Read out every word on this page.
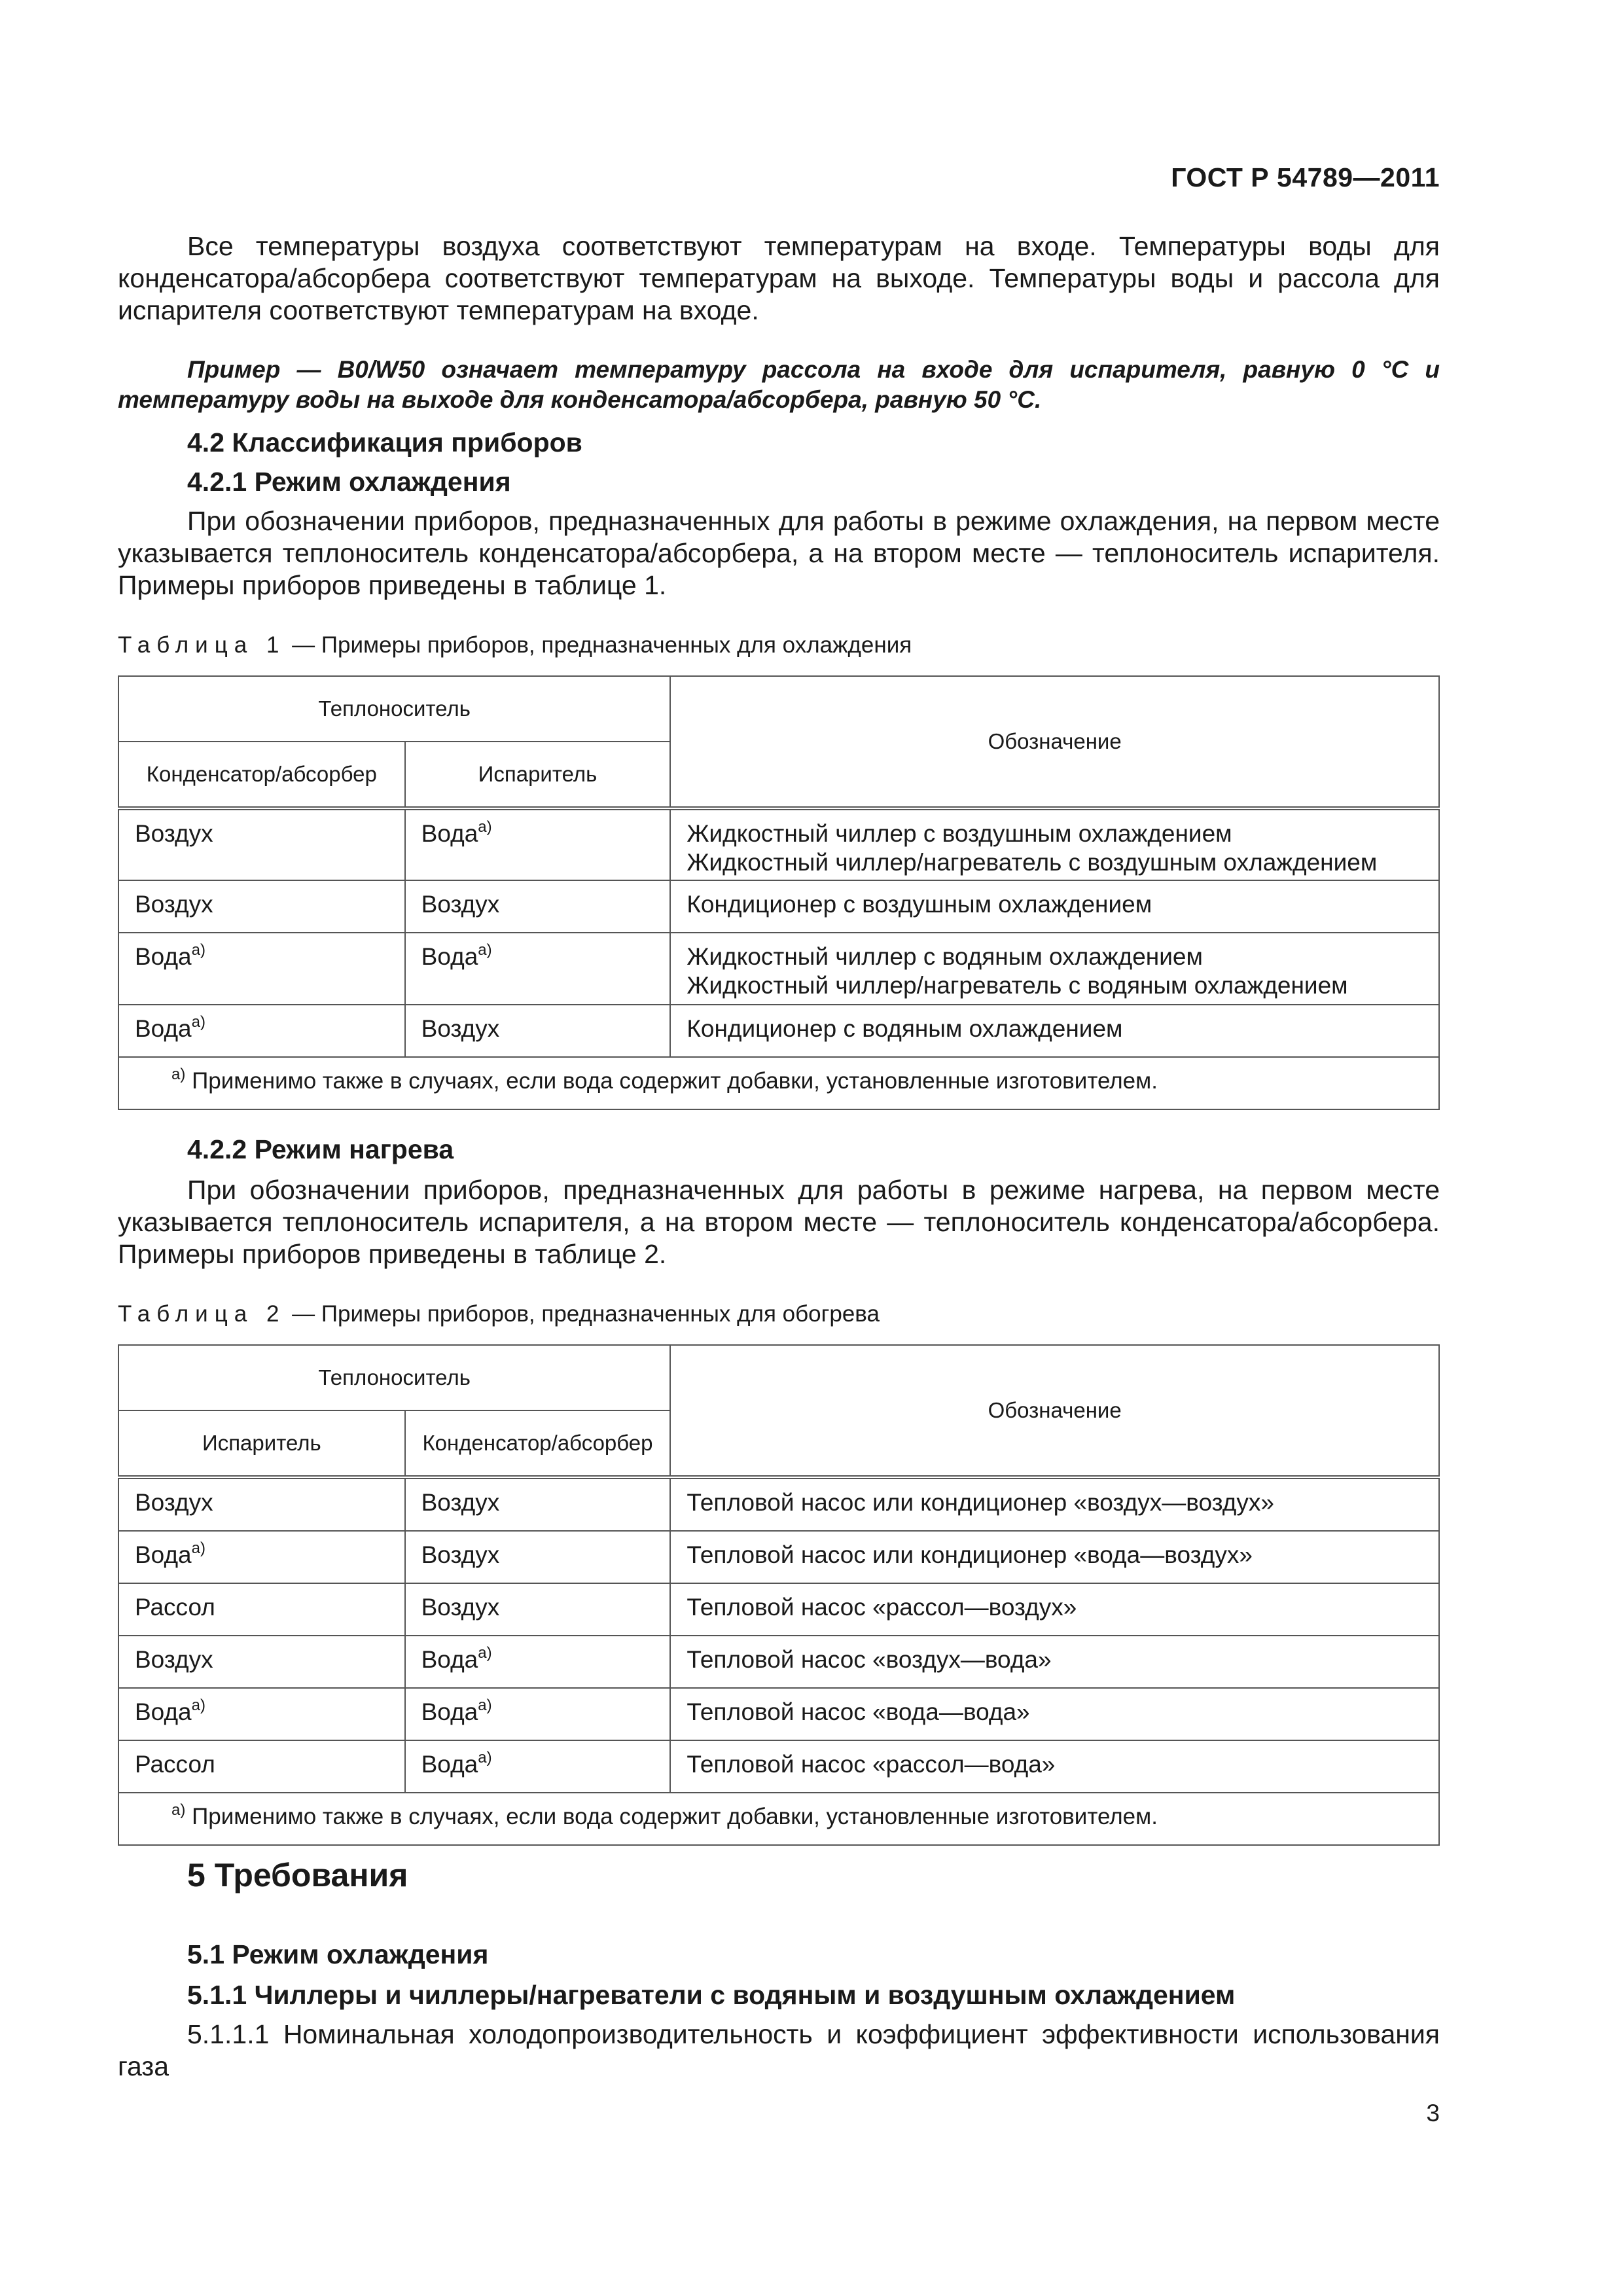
ГОСТ Р 54789—2011

Все температуры воздуха соответствуют температурам на входе. Температуры воды для конденсатора/абсорбера соответствуют температурам на выходе. Температуры воды и рассола для испарителя соответствуют температурам на входе.

Пример — B0/W50 означает температуру рассола на входе для испарителя, равную 0 °C и температуру воды на выходе для конденсатора/абсорбера, равную 50 °C.

4.2 Классификация приборов

4.2.1 Режим охлаждения

При обозначении приборов, предназначенных для работы в режиме охлаждения, на первом месте указывается теплоноситель конденсатора/абсорбера, а на втором месте — теплоноситель испарителя. Примеры приборов приведены в таблице 1.

Таблица 1 — Примеры приборов, предназначенных для охлаждения

Теплоноситель		Обозначение
Конденсатор/абсорбер	Испаритель	
Воздух	Вода$^{а)}$	Жидкостный чиллер с воздушным охлаждением
Жидкостный чиллер/нагреватель с воздушным охлаждением

Воздух	Воздух	Кондиционер с воздушным охлаждением

Вода$^{а)}$	Вода$^{а)}$	Жидкостный чиллер с водяным охлаждением
Жидкостный чиллер/нагреватель с водяным охлаждением

Вода$^{а)}$	Воздух	Кондиционер с водяным охлаждением

$^{а)}$ Применимо также в случаях, если вода содержит добавки, установленные изготовителем.		

4.2.2 Режим нагрева

При обозначении приборов, предназначенных для работы в режиме нагрева, на первом месте указывается теплоноситель испарителя, а на втором месте — теплоноситель конденсатора/абсорбера. Примеры приборов приведены в таблице 2.

Таблица 2 — Примеры приборов, предназначенных для обогрева

Теплоноситель		Обозначение
Испаритель	Конденсатор/абсорбер	
Воздух	Воздух	Тепловой насос или кондиционер «воздух—воздух»
Вода$^{а)}$	Воздух	Тепловой насос или кондиционер «вода—воздух»
Рассол	Воздух	Тепловой насос «рассол—воздух»
Воздух	Вода$^{а)}$	Тепловой насос «воздух—вода»
Вода$^{а)}$	Вода$^{а)}$	Тепловой насос «вода—вода»
Рассол	Вода$^{а)}$	Тепловой насос «рассол—вода»
$^{а)}$ Применимо также в случаях, если вода содержит добавки, установленные изготовителем.		

5 Требования

5.1 Режим охлаждения

5.1.1 Чиллеры и чиллеры/нагреватели с водяным и воздушным охлаждением

5.1.1.1 Номинальная холодопроизводительность и коэффициент эффективности использования газа

3
